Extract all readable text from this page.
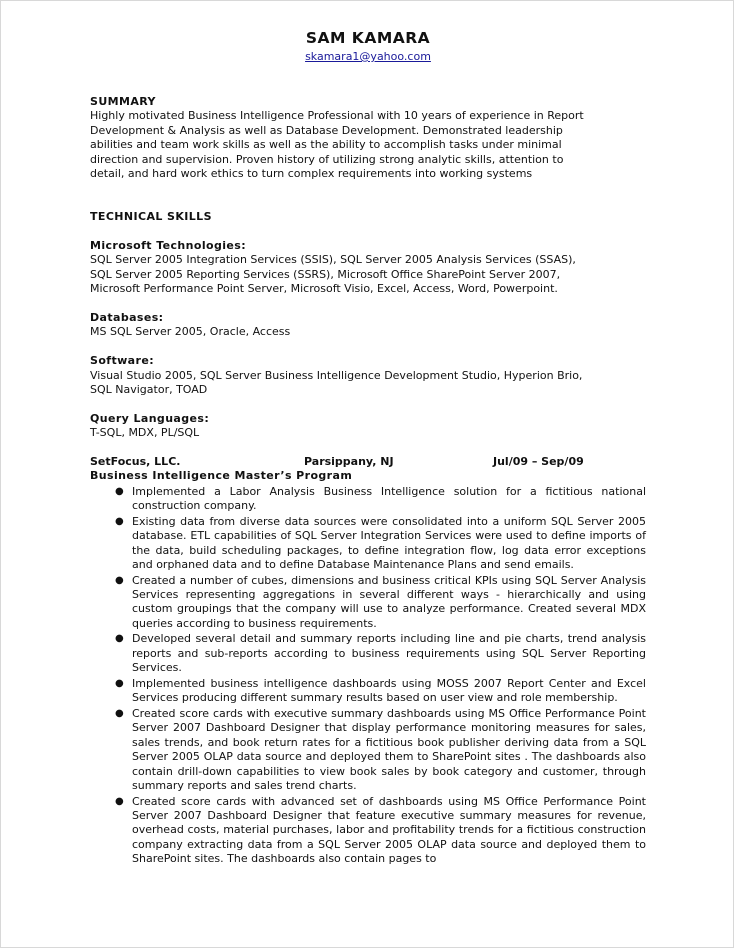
SAM KAMARA
skamara1@yahoo.com
SUMMARY
Highly motivated Business Intelligence Professional with 10 years of experience in Report
Development & Analysis as well as Database Development. Demonstrated leadership
abilities and team work skills as well as the ability to accomplish tasks under minimal
direction and supervision. Proven history of utilizing strong analytic skills, attention to
detail, and hard work ethics to turn complex requirements into working systems
TECHNICAL SKILLS
Microsoft Technologies:
SQL Server 2005 Integration Services (SSIS), SQL Server 2005 Analysis Services (SSAS),
SQL Server 2005 Reporting Services (SSRS), Microsoft Office SharePoint Server 2007,
Microsoft Performance Point Server, Microsoft Visio, Excel, Access, Word, Powerpoint.
Databases:
MS SQL Server 2005, Oracle, Access
Software:
Visual Studio 2005, SQL Server Business Intelligence Development Studio, Hyperion Brio,
SQL Navigator, TOAD
Query Languages:
T-SQL, MDX, PL/SQL
SetFocus, LLC.	Parsippany, NJ	Jul/09 – Sep/09
Business Intelligence Master’s Program
● Implemented a Labor Analysis Business Intelligence solution for a fictitious national construction company.
● Existing data from diverse data sources were consolidated into a uniform SQL Server 2005 database. ETL capabilities of SQL Server Integration Services were used to define imports of the data, build scheduling packages, to define integration flow, log data error exceptions and orphaned data and to define Database Maintenance Plans and send emails.
● Created a number of cubes, dimensions and business critical KPIs using SQL Server Analysis Services representing aggregations in several different ways - hierarchically and using custom groupings that the company will use to analyze performance. Created several MDX queries according to business requirements.
● Developed several detail and summary reports including line and pie charts, trend analysis reports and sub-reports according to business requirements using SQL Server Reporting Services.
● Implemented business intelligence dashboards using MOSS 2007 Report Center and Excel Services producing different summary results based on user view and role membership.
● Created score cards with executive summary dashboards using MS Office Performance Point Server 2007 Dashboard Designer that display performance monitoring measures for sales, sales trends, and book return rates for a fictitious book publisher deriving data from a SQL Server 2005 OLAP data source and deployed them to SharePoint sites . The dashboards also contain drill-down capabilities to view book sales by book category and customer, through summary reports and sales trend charts.
● Created score cards with advanced set of dashboards using MS Office Performance Point Server 2007 Dashboard Designer that feature executive summary measures for revenue, overhead costs, material purchases, labor and profitability trends for a fictitious construction company extracting data from a SQL Server 2005 OLAP data source and deployed them to SharePoint sites. The dashboards also contain pages to
